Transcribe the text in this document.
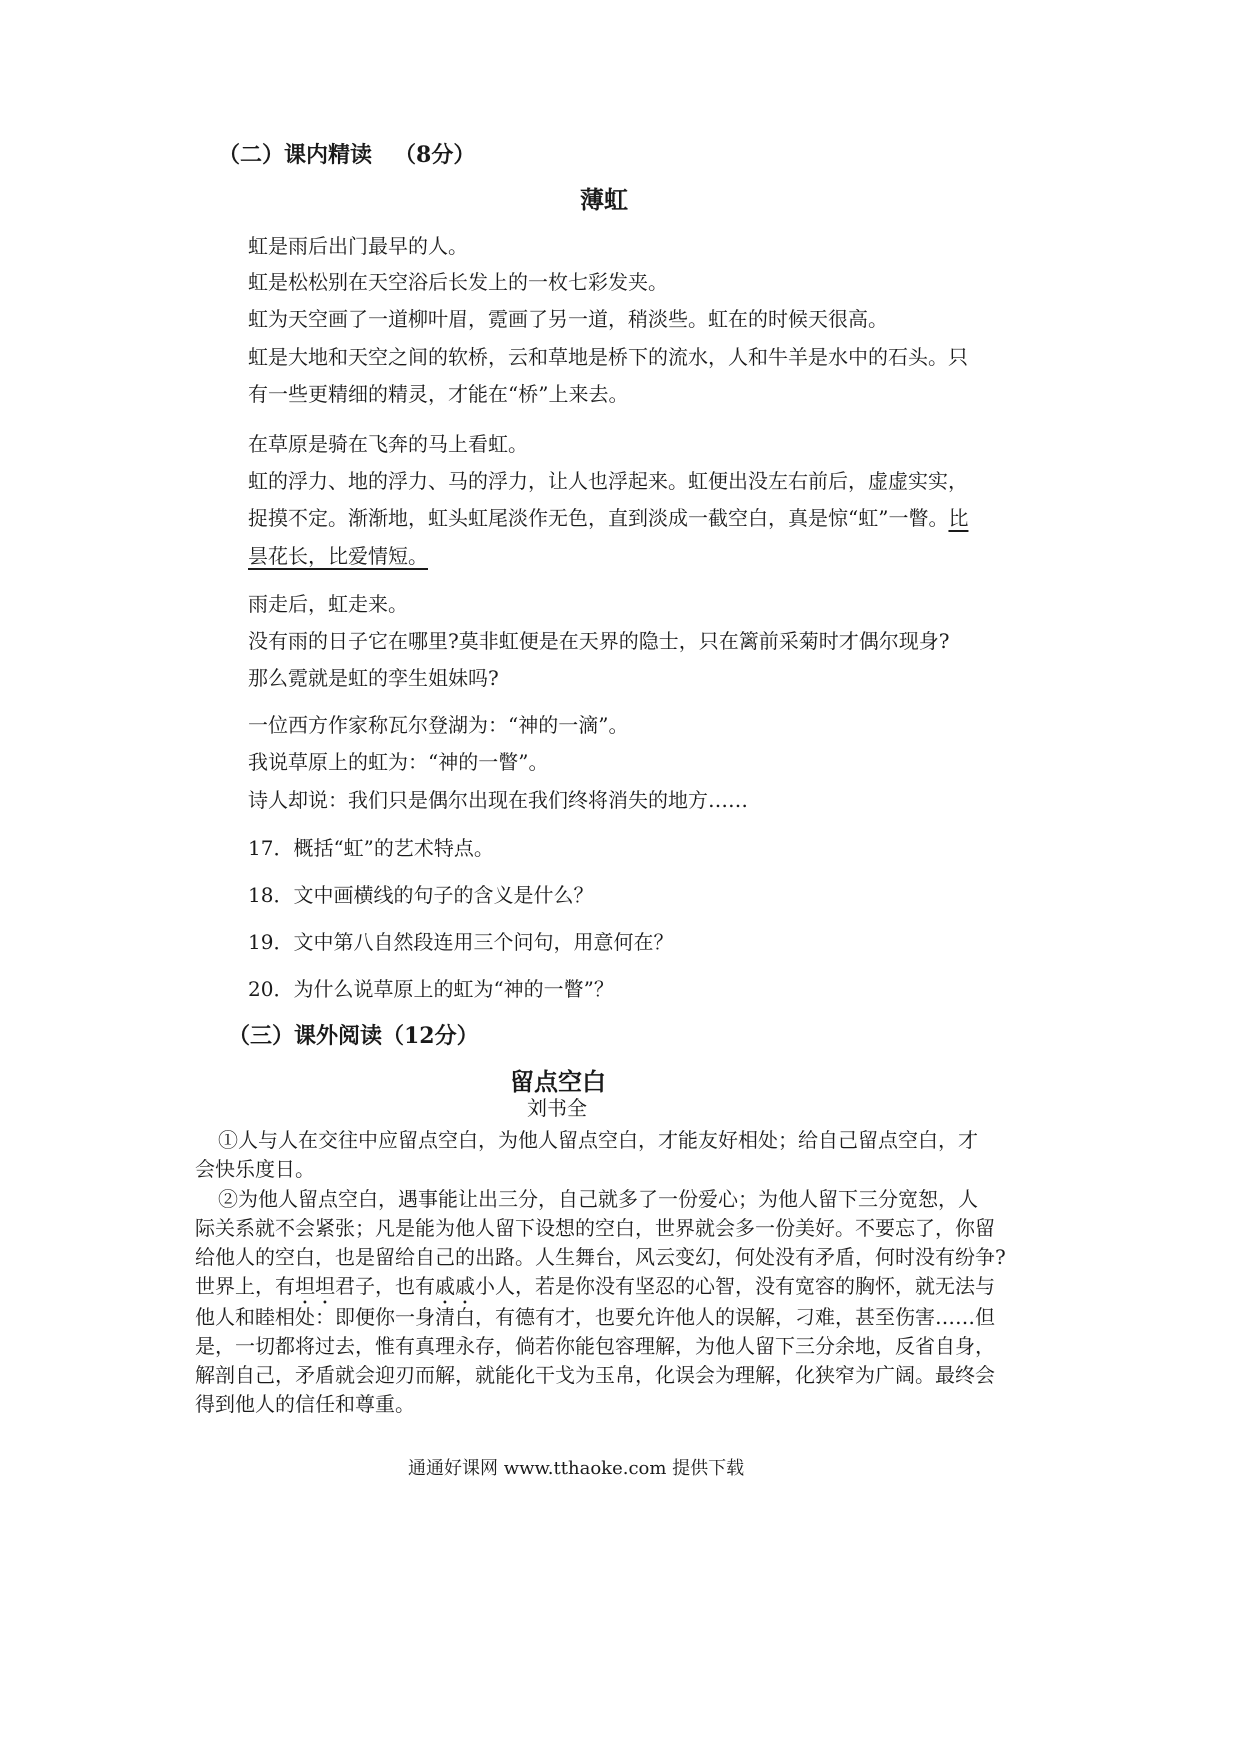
（二）课内精读 （8分）
薄虹
虹是雨后出门最早的人。
虹是松松别在天空浴后长发上的一枚七彩发夹。
虹为天空画了一道柳叶眉，霓画了另一道，稍淡些。虹在的时候天很高。
虹是大地和天空之间的软桥，云和草地是桥下的流水，人和牛羊是水中的石头。只
有一些更精细的精灵，才能在“桥”上来去。
在草原是骑在飞奔的马上看虹。
虹的浮力、地的浮力、马的浮力，让人也浮起来。虹便出没左右前后，虚虚实实，
捉摸不定。渐渐地，虹头虹尾淡作无色，直到淡成一截空白，真是惊“虹”一瞥。比
昙花长，比爱情短。
雨走后，虹走来。
没有雨的日子它在哪里?莫非虹便是在天界的隐士，只在篱前采菊时才偶尔现身?
那么霓就是虹的孪生姐妹吗?
一位西方作家称瓦尔登湖为：“神的一滴”。
我说草原上的虹为：“神的一瞥”。
诗人却说：我们只是偶尔出现在我们终将消失的地方……
17．概括“虹”的艺术特点。
18．文中画横线的句子的含义是什么？
19．文中第八自然段连用三个问句，用意何在？
20．为什么说草原上的虹为“神的一瞥”？
（三）课外阅读（12分）
留点空白
刘书全
①人与人在交往中应留点空白，为他人留点空白，才能友好相处；给自己留点空白，才
会快乐度日。
②为他人留点空白，遇事能让出三分，自己就多了一份爱心；为他人留下三分宽恕，人
际关系就不会紧张；凡是能为他人留下设想的空白，世界就会多一份美好。不要忘了，你留
给他人的空白，也是留给自己的出路。人生舞台，风云变幻，何处没有矛盾，何时没有纷争?
世界上，有坦坦君子，也有戚戚小人，若是你没有坚忍的心智，没有宽容的胸怀，就无法与
他人和睦相处：即便你一身清白，有德有才，也要允许他人的误解，刁难，甚至伤害……但
是，一切都将过去，惟有真理永存，倘若你能包容理解，为他人留下三分余地，反省自身，
解剖自己，矛盾就会迎刃而解，就能化干戈为玉帛，化误会为理解，化狭窄为广阔。最终会
得到他人的信任和尊重。
通通好课网 www.tthaoke.com 提供下载
